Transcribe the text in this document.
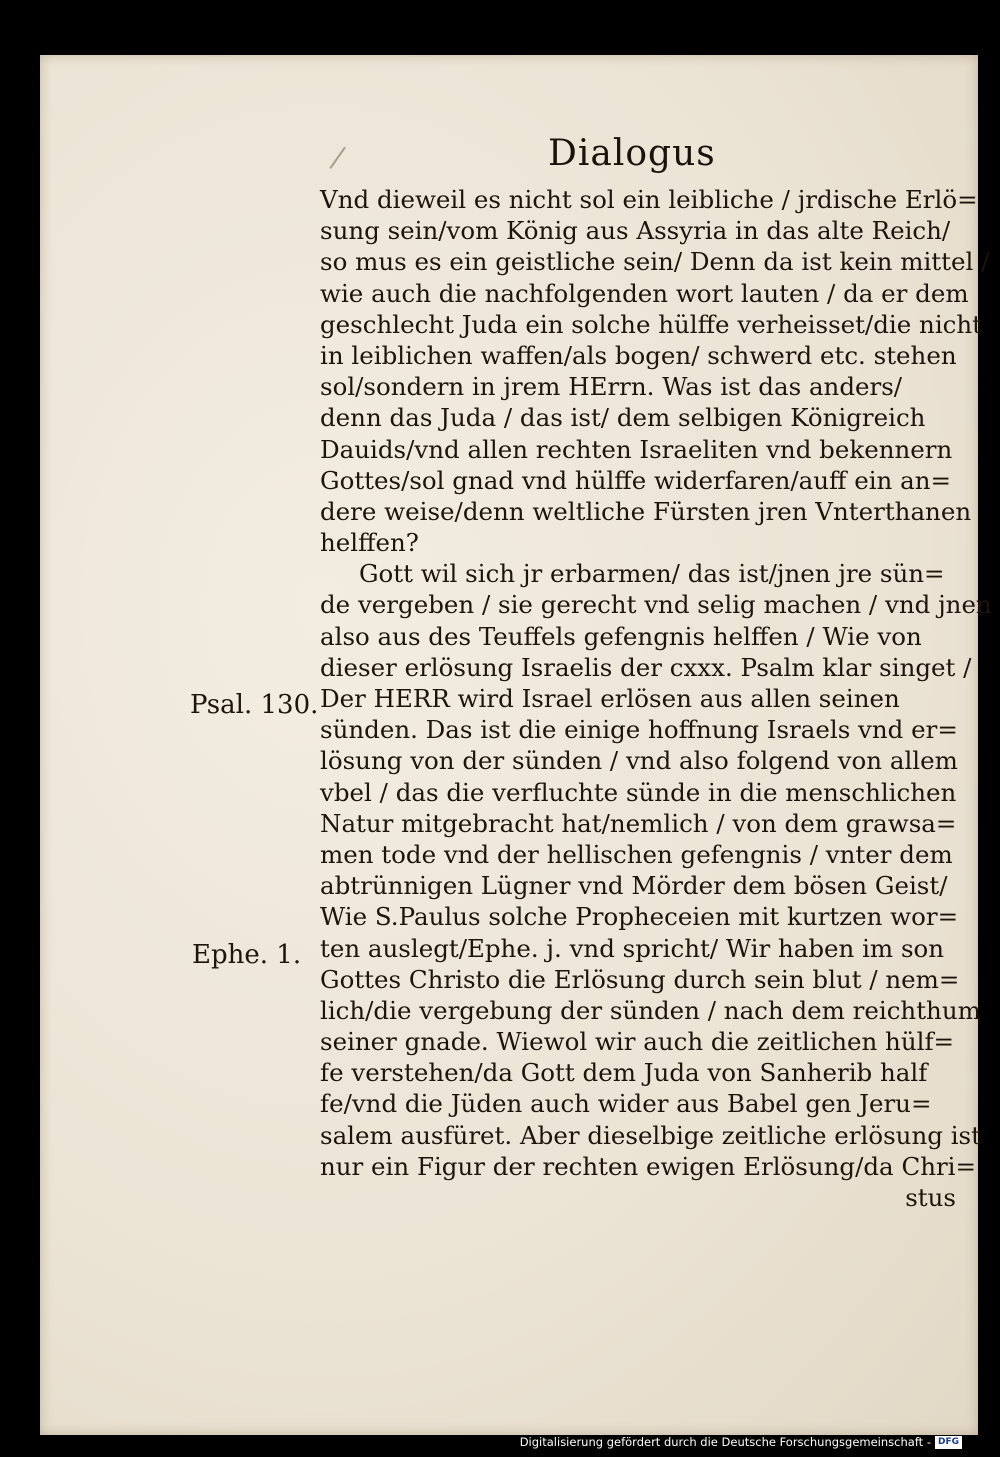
Dialogus
Psal. 130.
Ephe. 1.
Vnd dieweil es nicht sol ein leibliche / jrdische Erlö=
sung sein/vom König aus Assyria in das alte Reich/
so mus es ein geistliche sein/ Denn da ist kein mittel /
wie auch die nachfolgenden wort lauten / da er dem
geschlecht Juda ein solche hülffe verheisset/die nicht
in leiblichen waffen/als bogen/ schwerd etc. stehen
sol/sondern in jrem HErrn. Was ist das anders/
denn das Juda / das ist/ dem selbigen Königreich
Dauids/vnd allen rechten Israeliten vnd bekennern
Gottes/sol gnad vnd hülffe widerfaren/auff ein an=
dere weise/denn weltliche Fürsten jren Vnterthanen
helffen?
Gott wil sich jr erbarmen/ das ist/jnen jre sün=
de vergeben / sie gerecht vnd selig machen / vnd jnen
also aus des Teuffels gefengnis helffen / Wie von
dieser erlösung Israelis der cxxx. Psalm klar singet /
Der HERR wird Israel erlösen aus allen seinen
sünden. Das ist die einige hoffnung Israels vnd er=
lösung von der sünden / vnd also folgend von allem
vbel / das die verfluchte sünde in die menschlichen
Natur mitgebracht hat/nemlich / von dem grawsa=
men tode vnd der hellischen gefengnis / vnter dem
abtrünnigen Lügner vnd Mörder dem bösen Geist/
Wie S.Paulus solche Propheceien mit kurtzen wor=
ten auslegt/Ephe. j. vnd spricht/ Wir haben im son
Gottes Christo die Erlösung durch sein blut / nem=
lich/die vergebung der sünden / nach dem reichthum
seiner gnade. Wiewol wir auch die zeitlichen hülf=
fe verstehen/da Gott dem Juda von Sanherib half
fe/vnd die Jüden auch wider aus Babel gen Jeru=
salem ausfüret. Aber dieselbige zeitliche erlösung ist
nur ein Figur der rechten ewigen Erlösung/da Chri=
stus
Digitalisierung gefördert durch die Deutsche Forschungsgemeinschaft - DFG
